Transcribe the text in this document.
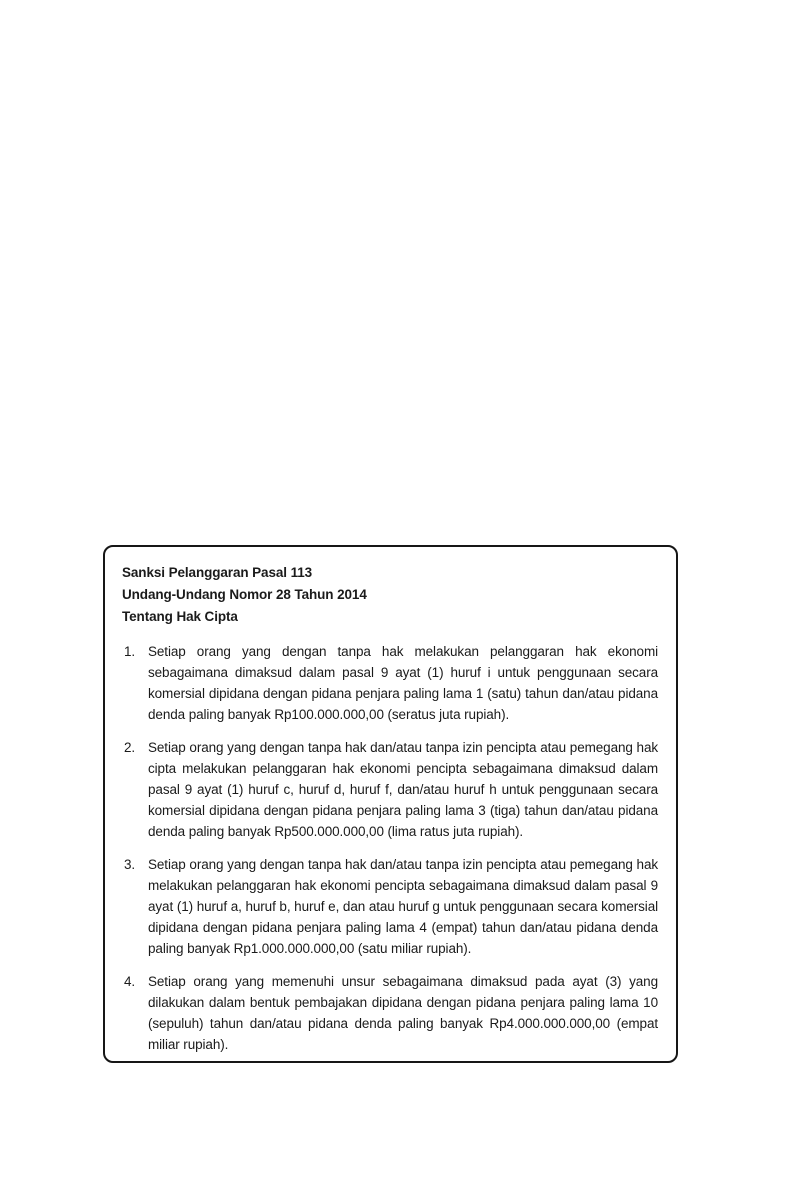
Sanksi Pelanggaran Pasal 113
Undang-Undang Nomor 28 Tahun 2014
Tentang Hak Cipta
1. Setiap orang yang dengan tanpa hak melakukan pelanggaran hak ekonomi sebagaimana dimaksud dalam pasal 9 ayat (1) huruf i untuk penggunaan secara komersial dipidana dengan pidana penjara paling lama 1 (satu) tahun dan/atau pidana denda paling banyak Rp100.000.000,00 (seratus juta rupiah).
2. Setiap orang yang dengan tanpa hak dan/atau tanpa izin pencipta atau pemegang hak cipta melakukan pelanggaran hak ekonomi pencipta sebagaimana dimaksud dalam pasal 9 ayat (1) huruf c, huruf d, huruf f, dan/atau huruf h untuk penggunaan secara komersial dipidana dengan pidana penjara paling lama 3 (tiga) tahun dan/atau pidana denda paling banyak Rp500.000.000,00 (lima ratus juta rupiah).
3. Setiap orang yang dengan tanpa hak dan/atau tanpa izin pencipta atau pemegang hak melakukan pelanggaran hak ekonomi pencipta sebagaimana dimaksud dalam pasal 9 ayat (1) huruf a, huruf b, huruf e, dan atau huruf g untuk penggunaan secara komersial dipidana dengan pidana penjara paling lama 4 (empat) tahun dan/atau pidana denda paling banyak Rp1.000.000.000,00 (satu miliar rupiah).
4. Setiap orang yang memenuhi unsur sebagaimana dimaksud pada ayat (3) yang dilakukan dalam bentuk pembajakan dipidana dengan pidana penjara paling lama 10 (sepuluh) tahun dan/atau pidana denda paling banyak Rp4.000.000.000,00 (empat miliar rupiah).
